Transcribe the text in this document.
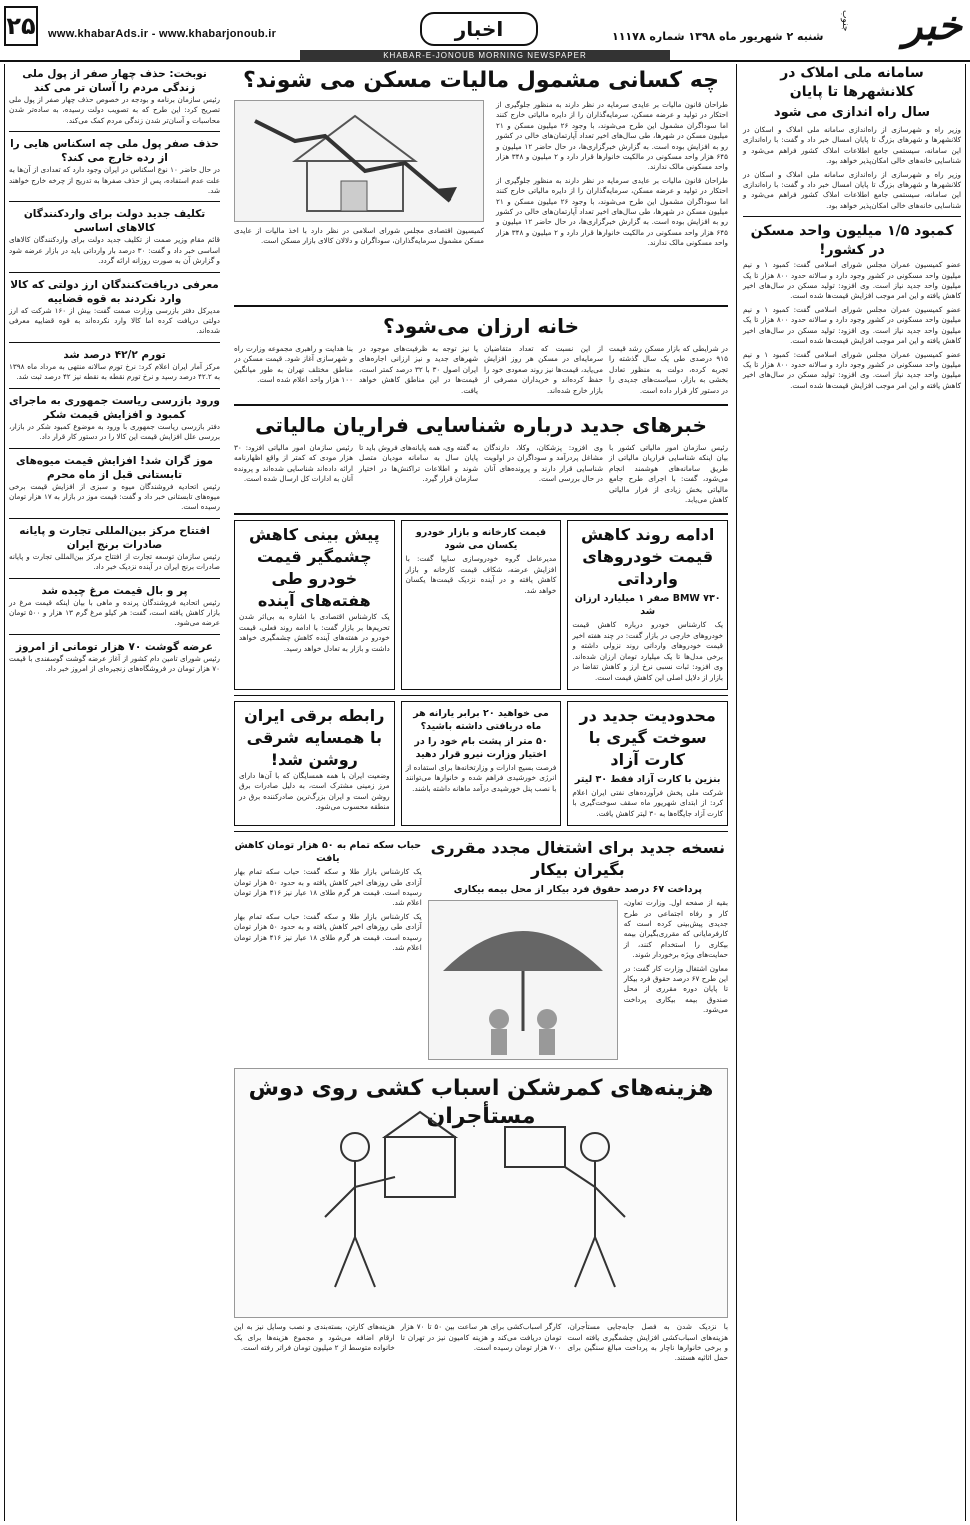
۲۵ www.khabarAds.ir - www.khabarjonoub.ir	اخبار	شنبه ۲ شهریور ماه ۱۳۹۸ شماره ۱۱۱۷۸ خبر
جنوب
KHABAR-E-JONOUB MORNING NEWSPAPER
سامانه ملی املاک در کلانشهرها تا پایان
سال راه اندازی می شود

وزیر راه و شهرسازی از راه‌اندازی سامانه ملی املاک و اسکان در کلانشهرها و شهرهای بزرگ تا پایان امسال خبر داد و گفت: با راه‌اندازی این سامانه، سیستمی جامع اطلاعات املاک کشور فراهم می‌شود و شناسایی خانه‌های خالی امکان‌پذیر خواهد بود.

وزیر راه و شهرسازی از راه‌اندازی سامانه ملی املاک و اسکان در کلانشهرها و شهرهای بزرگ تا پایان امسال خبر داد و گفت: با راه‌اندازی این سامانه، سیستمی جامع اطلاعات املاک کشور فراهم می‌شود و شناسایی خانه‌های خالی امکان‌پذیر خواهد بود.

کمبود ۱/۵ میلیون واحد مسکن در کشور!

عضو کمیسیون عمران مجلس شورای اسلامی گفت: کمبود ۱ و نیم میلیون واحد مسکونی در کشور وجود دارد و سالانه حدود ۸۰۰ هزار تا یک میلیون واحد جدید نیاز است. وی افزود: تولید مسکن در سال‌های اخیر کاهش یافته و این امر موجب افزایش قیمت‌ها شده است.

عضو کمیسیون عمران مجلس شورای اسلامی گفت: کمبود ۱ و نیم میلیون واحد مسکونی در کشور وجود دارد و سالانه حدود ۸۰۰ هزار تا یک میلیون واحد جدید نیاز است. وی افزود: تولید مسکن در سال‌های اخیر کاهش یافته و این امر موجب افزایش قیمت‌ها شده است.

عضو کمیسیون عمران مجلس شورای اسلامی گفت: کمبود ۱ و نیم میلیون واحد مسکونی در کشور وجود دارد و سالانه حدود ۸۰۰ هزار تا یک میلیون واحد جدید نیاز است. وی افزود: تولید مسکن در سال‌های اخیر کاهش یافته و این امر موجب افزایش قیمت‌ها شده است.

نوبخت: حذف چهار صفر از پول ملی زندگی مردم را آسان تر می کند

رئیس سازمان برنامه و بودجه در خصوص حذف چهار صفر از پول ملی تصریح کرد: این طرح که به تصویب دولت رسیده، به ساده‌تر شدن محاسبات و آسان‌تر شدن زندگی مردم کمک می‌کند.

حذف صفر پول ملی چه اسکناس هایی را از رده خارج می کند؟

در حال حاضر ۱۰ نوع اسکناس در ایران وجود دارد که تعدادی از آن‌ها به علت عدم استفاده، پس از حذف صفرها به تدریج از چرخه خارج خواهند شد.

تکلیف جدید دولت برای واردکنندگان کالاهای اساسی

قائم مقام وزیر صمت از تکلیف جدید دولت برای واردکنندگان کالاهای اساسی خبر داد و گفت: ۳۰ درصد بار وارداتی باید در بازار عرضه شود و گزارش آن به صورت روزانه ارائه گردد.

معرفی دریافت‌کنندگان ارز دولتی که کالا وارد نکردند به قوه قضاییه

مدیرکل دفتر بازرسی وزارت صمت گفت: بیش از ۱۶۰ شرکت که ارز دولتی دریافت کرده اما کالا وارد نکرده‌اند به قوه قضاییه معرفی شده‌اند.

تورم ۴۲/۲ درصد شد

مرکز آمار ایران اعلام کرد: نرخ تورم سالانه منتهی به مرداد ماه ۱۳۹۸ به ۴۲.۲ درصد رسید و نرخ تورم نقطه به نقطه نیز ۴۲ درصد ثبت شد.

ورود بازرسی ریاست جمهوری به ماجرای کمبود و افزایش قیمت شکر

دفتر بازرسی ریاست جمهوری با ورود به موضوع کمبود شکر در بازار، بررسی علل افزایش قیمت این کالا را در دستور کار قرار داد.

موز گران شد! افزایش قیمت میوه‌های تابستانی قبل از ماه محرم

رئیس اتحادیه فروشندگان میوه و سبزی از افزایش قیمت برخی میوه‌های تابستانی خبر داد و گفت: قیمت موز در بازار به ۱۷ هزار تومان رسیده است.

افتتاح مرکز بین‌المللی تجارت و پایانه صادرات برنج ایران

رئیس سازمان توسعه تجارت از افتتاح مرکز بین‌المللی تجارت و پایانه صادرات برنج ایران در آینده نزدیک خبر داد.

پر و بال قیمت مرغ چیده شد

رئیس اتحادیه فروشندگان پرنده و ماهی با بیان اینکه قیمت مرغ در بازار کاهش یافته است، گفت: هر کیلو مرغ گرم ۱۳ هزار و ۵۰۰ تومان عرضه می‌شود.

عرضه گوشت ۷۰ هزار تومانی از امروز

رئیس شورای تامین دام کشور از آغاز عرضه گوشت گوسفندی با قیمت ۷۰ هزار تومان در فروشگاه‌های زنجیره‌ای از امروز خبر داد.

چه کسانی مشمول مالیات مسکن می شوند؟

طراحان قانون مالیات بر عایدی سرمایه در نظر دارند به منظور جلوگیری از احتکار در تولید و عرضه مسکن، سرمایه‌گذاران را از دایره مالیاتی خارج کنند اما سوداگران مشمول این طرح می‌شوند، با وجود ۲۶ میلیون مسکن و ۲۱ میلیون مسکن در شهرها، طی سال‌های اخیر تعداد آپارتمان‌های خالی در کشور رو به افزایش بوده است. به گزارش خبرگزاری‌ها، در حال حاضر ۱۲ میلیون و ۶۴۵ هزار واحد مسکونی در مالکیت خانوارها قرار دارد و ۲ میلیون و ۳۴۸ هزار واحد مسکونی مالک ندارند.

طراحان قانون مالیات بر عایدی سرمایه در نظر دارند به منظور جلوگیری از احتکار در تولید و عرضه مسکن، سرمایه‌گذاران را از دایره مالیاتی خارج کنند اما سوداگران مشمول این طرح می‌شوند، با وجود ۲۶ میلیون مسکن و ۲۱ میلیون مسکن در شهرها، طی سال‌های اخیر تعداد آپارتمان‌های خالی در کشور رو به افزایش بوده است. به گزارش خبرگزاری‌ها، در حال حاضر ۱۲ میلیون و ۶۴۵ هزار واحد مسکونی در مالکیت خانوارها قرار دارد و ۲ میلیون و ۳۴۸ هزار واحد مسکونی مالک ندارند.

کمیسیون اقتصادی مجلس شورای اسلامی در نظر دارد با اخذ مالیات از عایدی مسکن مشمول سرمایه‌گذاران، سوداگران و دلالان کالای بازار مسکن است.

خانه ارزان می‌شود؟

در شرایطی که بازار مسکن رشد قیمت ۹۱۵ درصدی طی یک سال گذشته را تجربه کرده، دولت به منظور تعادل بخشی به بازار، سیاست‌های جدیدی را در دستور کار قرار داده است.

از این نسبت که تعداد متقاضیان سرمایه‌ای در مسکن هر روز افزایش می‌یابد، قیمت‌ها نیز روند صعودی خود را حفظ کرده‌اند و خریداران مصرفی از بازار خارج شده‌اند.

یا نیز توجه به ظرفیت‌های موجود در شهرهای جدید و نیز ارزانی اجاره‌های ایران اصول ۳۰ با ۳۲ درصد کمتر است، قیمت‌ها در این مناطق کاهش خواهد یافت.

بنا هدایت و راهبری مجموعه وزارت راه و شهرسازی آغاز شود. قیمت مسکن در مناطق مختلف تهران به طور میانگین ۱۰۰ هزار واحد اعلام شده است.

خبرهای جدید درباره شناسایی فراریان مالیاتی

رئیس سازمان امور مالیاتی کشور با بیان اینکه شناسایی فراریان مالیاتی از طریق سامانه‌های هوشمند انجام می‌شود، گفت: با اجرای طرح جامع مالیاتی بخش زیادی از فرار مالیاتی کاهش می‌یابد.

وی افزود: پزشکان، وکلا، دارندگان مشاغل پردرآمد و سوداگران در اولویت شناسایی قرار دارند و پرونده‌های آنان در حال بررسی است.

به گفته وی، همه پایانه‌های فروش باید تا پایان سال به سامانه مودیان متصل شوند و اطلاعات تراکنش‌ها در اختیار سازمان قرار گیرد.

رئیس سازمان امور مالیاتی افزود: ۳۰ هزار مودی که کمتر از واقع اظهارنامه ارائه داده‌اند شناسایی شده‌اند و پرونده آنان به ادارات کل ارسال شده است.

ادامه روند کاهش قیمت خودروهای وارداتی
BMW ۷۳۰ صفر ۱ میلیارد ارزان شد

یک کارشناس خودرو درباره کاهش قیمت خودروهای خارجی در بازار گفت: در چند هفته اخیر قیمت خودروهای وارداتی روند نزولی داشته و برخی مدل‌ها تا یک میلیارد تومان ارزان شده‌اند. وی افزود: ثبات نسبی نرخ ارز و کاهش تقاضا در بازار از دلایل اصلی این کاهش قیمت است.

قیمت کارخانه و بازار خودرو یکسان می شود

مدیرعامل گروه خودروسازی سایپا گفت: با افزایش عرضه، شکاف قیمت کارخانه و بازار کاهش یافته و در آینده نزدیک قیمت‌ها یکسان خواهد شد.

پیش بینی کاهش چشمگیر قیمت خودرو طی هفته‌های آینده

یک کارشناس اقتصادی با اشاره به بی‌اثر شدن تحریم‌ها بر بازار گفت: با ادامه روند فعلی، قیمت خودرو در هفته‌های آینده کاهش چشمگیری خواهد داشت و بازار به تعادل خواهد رسید.

محدودیت جدید در سوخت گیری با کارت آزاد
بنزین با کارت آزاد فقط ۳۰ لیتر

شرکت ملی پخش فرآورده‌های نفتی ایران اعلام کرد: از ابتدای شهریور ماه سقف سوخت‌گیری با کارت آزاد جایگاه‌ها به ۳۰ لیتر کاهش یافت.

می خواهید ۲۰ برابر یارانه هر ماه دریافتی داشته باشید؟
۵۰ متر از پشت بام خود را در اختیار وزارت نیرو قرار دهید

فرصت بسیج ادارات و وزارتخانه‌ها برای استفاده از انرژی خورشیدی فراهم شده و خانوارها می‌توانند با نصب پنل خورشیدی درآمد ماهانه داشته باشند.

رابطه برقی ایران با همسایه شرقی روشن شد!

وضعیت ایران با همه همسایگان که با آن‌ها دارای مرز زمینی مشترک است، به دلیل صادرات برق روشن است و ایران بزرگ‌ترین صادرکننده برق در منطقه محسوب می‌شود.

نسخه جدید برای اشتغال مجدد مقرری بگیران بیکار
پرداخت ۶۷ درصد حقوق فرد بیکار از محل بیمه بیکاری

بقیه از صفحه اول. وزارت تعاون، کار و رفاه اجتماعی در طرح جدیدی پیش‌بینی کرده است که کارفرمایانی که مقرری‌بگیران بیمه بیکاری را استخدام کنند، از حمایت‌های ویژه برخوردار شوند.

معاون اشتغال وزارت کار گفت: در این طرح ۶۷ درصد حقوق فرد بیکار تا پایان دوره مقرری از محل صندوق بیمه بیکاری پرداخت می‌شود.

حباب سکه تمام به ۵۰ هزار تومان کاهش یافت

یک کارشناس بازار طلا و سکه گفت: حباب سکه تمام بهار آزادی طی روزهای اخیر کاهش یافته و به حدود ۵۰ هزار تومان رسیده است. قیمت هر گرم طلای ۱۸ عیار نیز ۴۱۶ هزار تومان اعلام شد.

یک کارشناس بازار طلا و سکه گفت: حباب سکه تمام بهار آزادی طی روزهای اخیر کاهش یافته و به حدود ۵۰ هزار تومان رسیده است. قیمت هر گرم طلای ۱۸ عیار نیز ۴۱۶ هزار تومان اعلام شد.

هزینه‌های کمرشکن اسباب کشی روی دوش مستأجران

با نزدیک شدن به فصل جابه‌جایی مستأجران، هزینه‌های اسباب‌کشی افزایش چشمگیری یافته است و برخی خانوارها ناچار به پرداخت مبالغ سنگین برای حمل اثاثیه هستند.

کارگر اسباب‌کشی برای هر ساعت بین ۵۰ تا ۷۰ هزار تومان دریافت می‌کند و هزینه کامیون نیز در تهران تا ۷۰۰ هزار تومان رسیده است.

هزینه‌های کارتن، بسته‌بندی و نصب وسایل نیز به این ارقام اضافه می‌شود و مجموع هزینه‌ها برای یک خانواده متوسط از ۲ میلیون تومان فراتر رفته است.
